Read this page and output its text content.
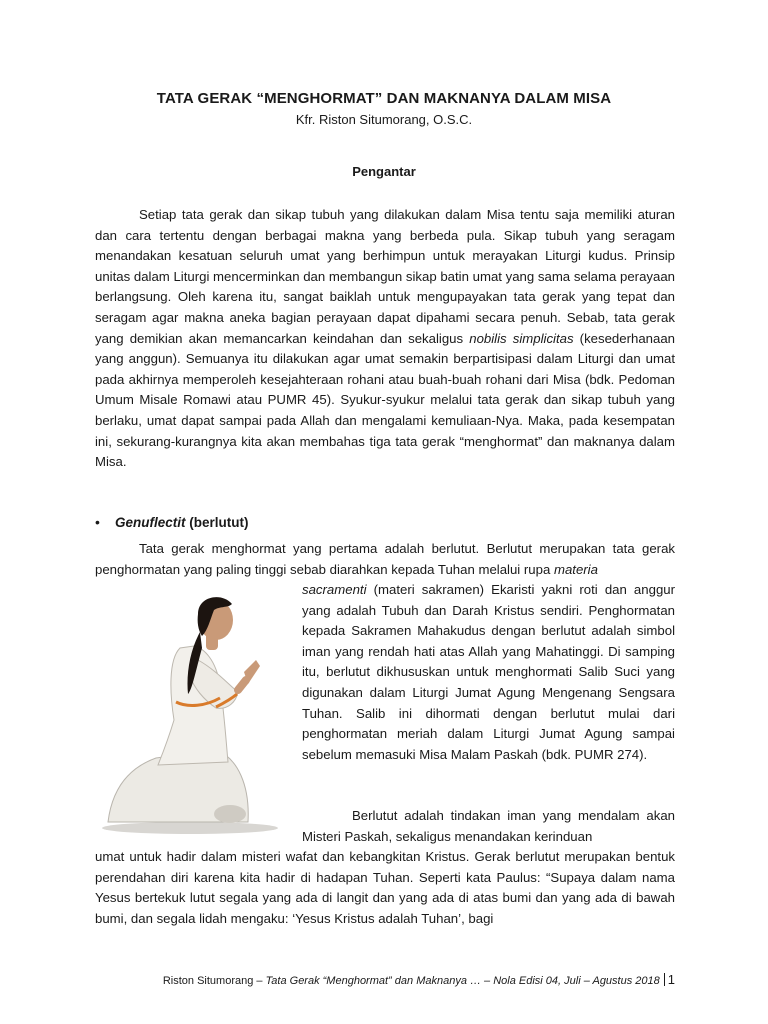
TATA GERAK “MENGHORMAT” DAN MAKNANYA DALAM MISA
Kfr. Riston Situmorang, O.S.C.
Pengantar

Setiap tata gerak dan sikap tubuh yang dilakukan dalam Misa tentu saja memiliki aturan dan cara tertentu dengan berbagai makna yang berbeda pula. Sikap tubuh yang seragam menandakan kesatuan seluruh umat yang berhimpun untuk merayakan Liturgi kudus. Prinsip unitas dalam Liturgi mencerminkan dan membangun sikap batin umat yang sama selama perayaan berlangsung. Oleh karena itu, sangat baiklah untuk mengupayakan tata gerak yang tepat dan seragam agar makna aneka bagian perayaan dapat dipahami secara penuh. Sebab, tata gerak yang demikian akan memancarkan keindahan dan sekaligus nobilis simplicitas (kesederhanaan yang anggun). Semuanya itu dilakukan agar umat semakin berpartisipasi dalam Liturgi dan umat pada akhirnya memperoleh kesejahteraan rohani atau buah-buah rohani dari Misa (bdk. Pedoman Umum Misale Romawi atau PUMR 45). Syukur-syukur melalui tata gerak dan sikap tubuh yang berlaku, umat dapat sampai pada Allah dan mengalami kemuliaan-Nya. Maka, pada kesempatan ini, sekurang-kurangnya kita akan membahas tiga tata gerak “menghormat” dan maknanya dalam Misa.

• Genuflectit (berlutut)

Tata gerak menghormat yang pertama adalah berlutut. Berlutut merupakan tata gerak penghormatan yang paling tinggi sebab diarahkan kepada Tuhan melalui rupa materia

sacramenti (materi sakramen) Ekaristi yakni roti dan anggur yang adalah Tubuh dan Darah Kristus sendiri. Penghormatan kepada Sakramen Mahakudus dengan berlutut adalah simbol iman yang rendah hati atas Allah yang Mahatinggi. Di samping itu, berlutut dikhususkan untuk menghormati Salib Suci yang digunakan dalam Liturgi Jumat Agung Mengenang Sengsara Tuhan. Salib ini dihormati dengan berlutut mulai dari penghormatan meriah dalam Liturgi Jumat Agung sampai sebelum memasuki Misa Malam Paskah (bdk. PUMR 274).

Berlutut adalah tindakan iman yang mendalam akan Misteri Paskah, sekaligus menandakan kerinduan

umat untuk hadir dalam misteri wafat dan kebangkitan Kristus. Gerak berlutut merupakan bentuk perendahan diri karena kita hadir di hadapan Tuhan. Seperti kata Paulus: “Supaya dalam nama Yesus bertekuk lutut segala yang ada di langit dan yang ada di atas bumi dan yang ada di bawah bumi, dan segala lidah mengaku: ‘Yesus Kristus adalah Tuhan’, bagi

Riston Situmorang – Tata Gerak “Menghormat” dan Maknanya … – Nola Edisi 04, Juli – Agustus 2018 1
